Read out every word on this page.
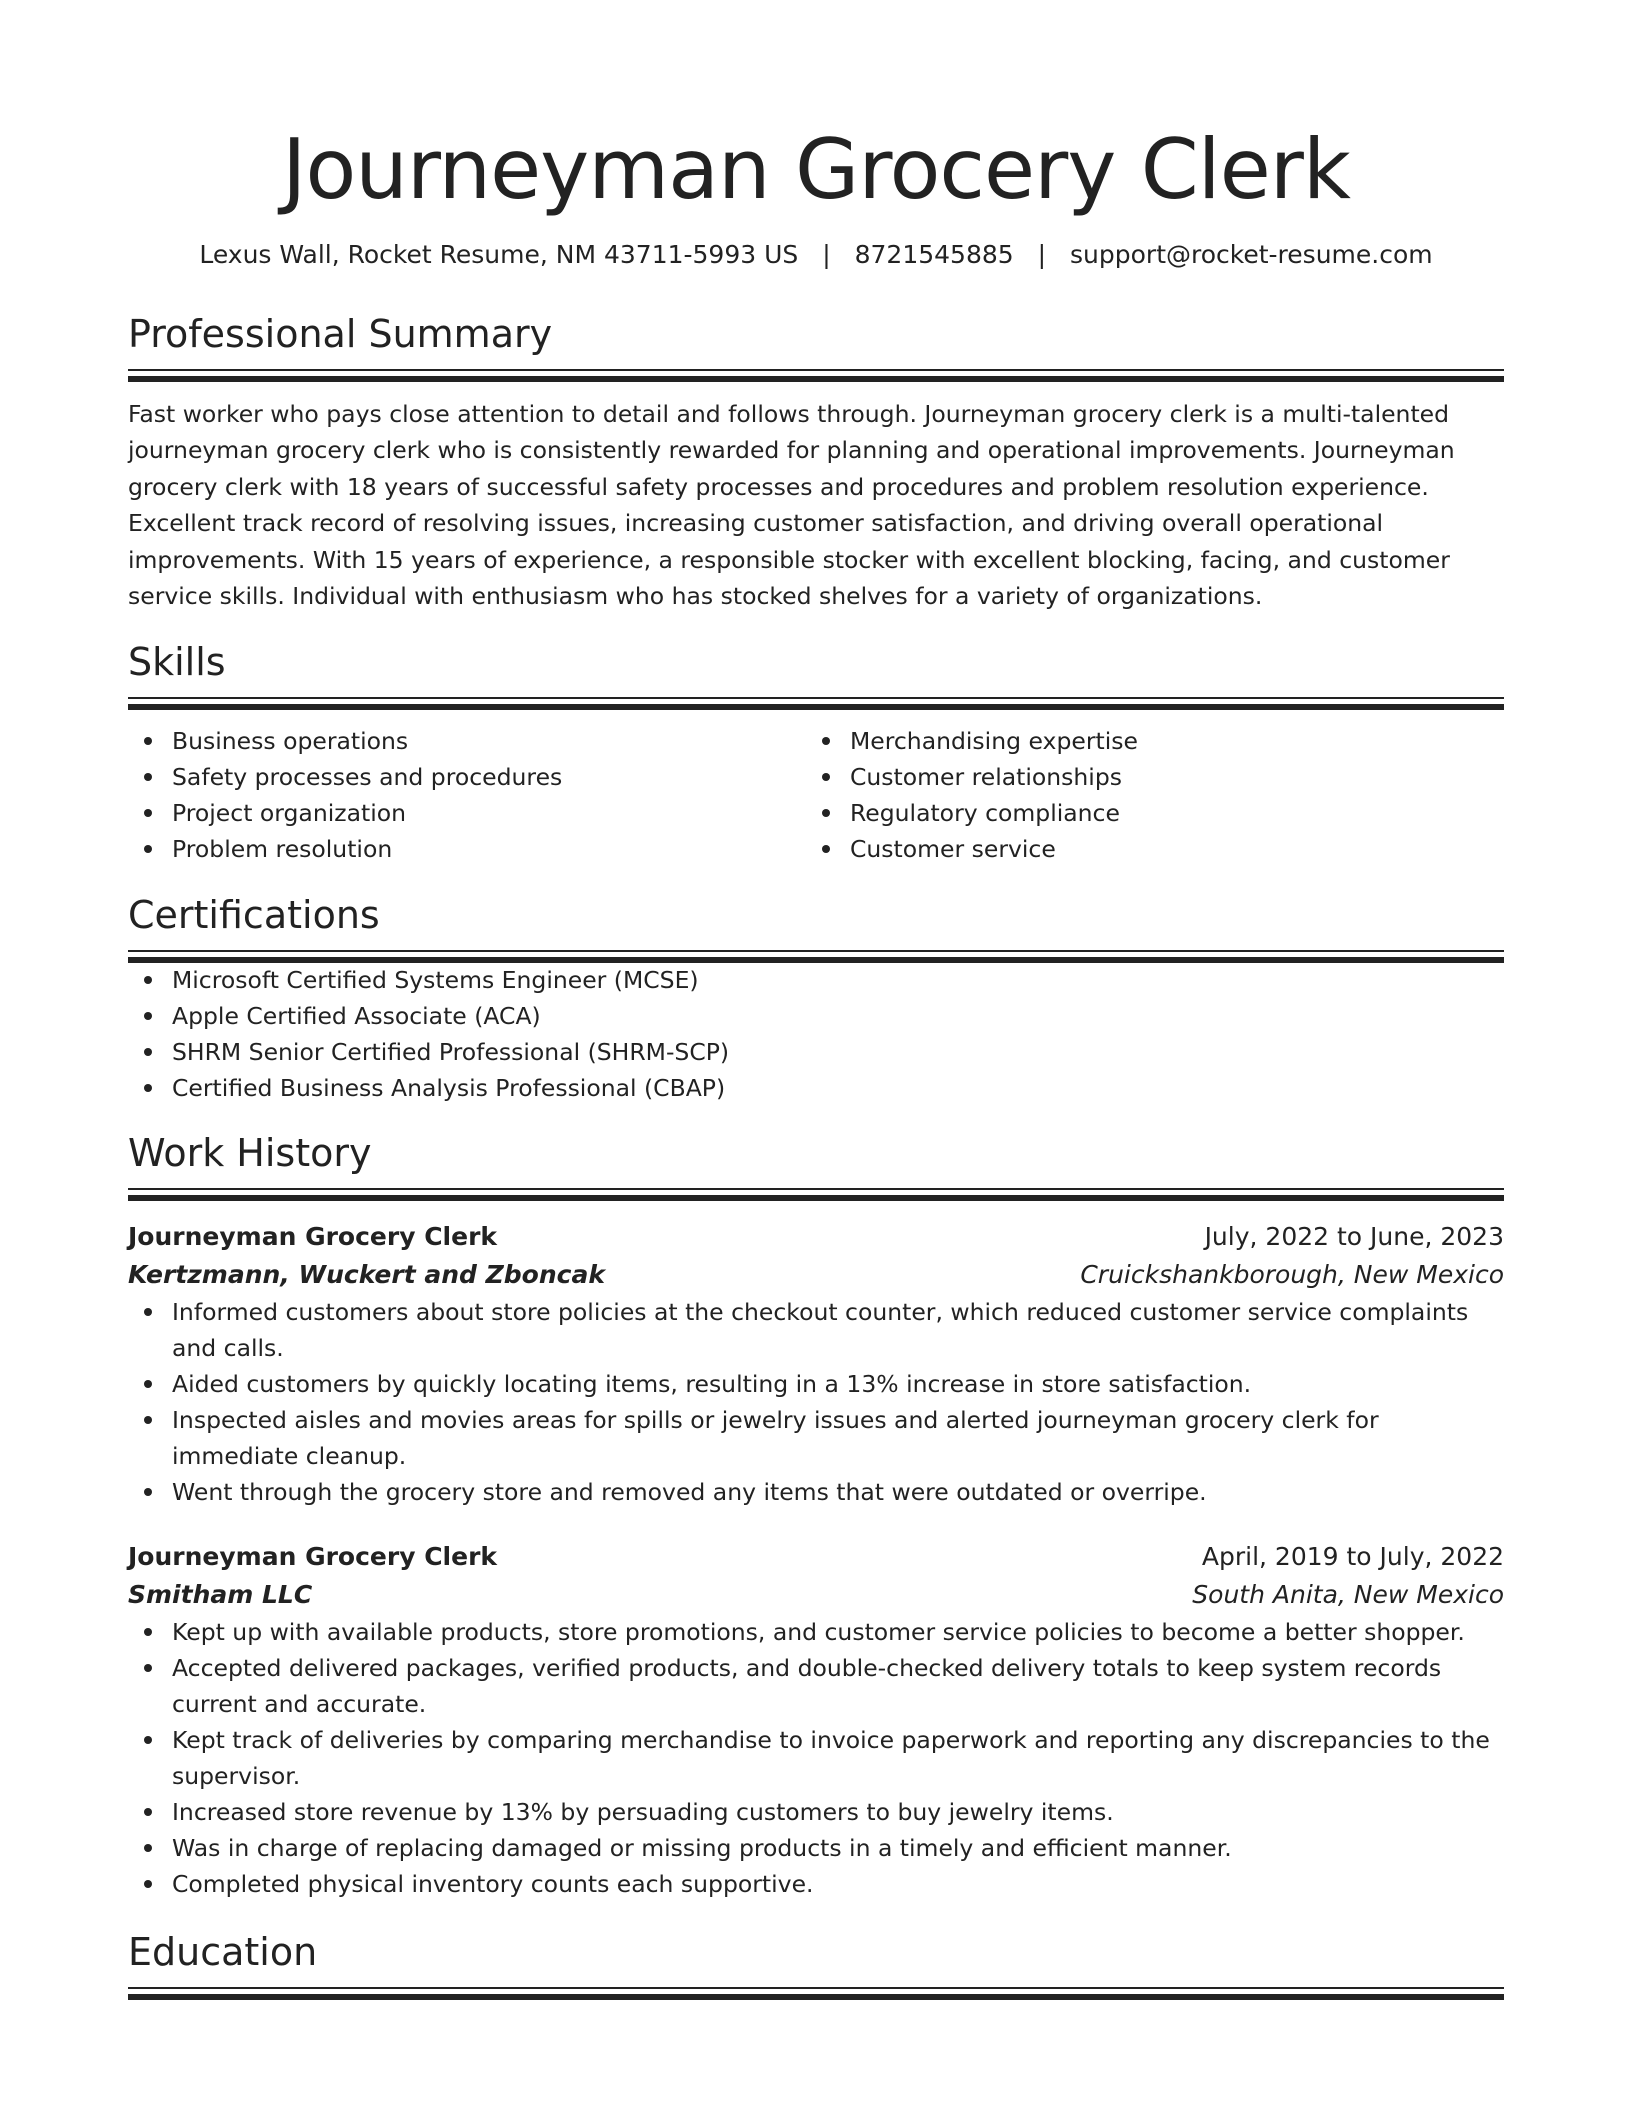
Journeyman Grocery Clerk
Lexus Wall, Rocket Resume, NM 43711-5993 US | 8721545885 | support@rocket-resume.com
Professional Summary

Fast worker who pays close attention to detail and follows through. Journeyman grocery clerk is a multi-talented journeyman grocery clerk who is consistently rewarded for planning and operational improvements. Journeyman grocery clerk with 18 years of successful safety processes and procedures and problem resolution experience. Excellent track record of resolving issues, increasing customer satisfaction, and driving overall operational improvements. With 15 years of experience, a responsible stocker with excellent blocking, facing, and customer service skills. Individual with enthusiasm who has stocked shelves for a variety of organizations.

Skills
Business operations
Safety processes and procedures
Project organization
Problem resolution
Merchandising expertise
Customer relationships
Regulatory compliance
Customer service
Certifications
Microsoft Certified Systems Engineer (MCSE)
Apple Certified Associate (ACA)
SHRM Senior Certified Professional (SHRM-SCP)
Certified Business Analysis Professional (CBAP)
Work History
Journeyman Grocery Clerk	July, 2022 to June, 2023
Kertzmann, Wuckert and Zboncak	Cruickshankborough, New Mexico
Informed customers about store policies at the checkout counter, which reduced customer service complaints and calls.
Aided customers by quickly locating items, resulting in a 13% increase in store satisfaction.
Inspected aisles and movies areas for spills or jewelry issues and alerted journeyman grocery clerk for immediate cleanup.
Went through the grocery store and removed any items that were outdated or overripe.
Journeyman Grocery Clerk	April, 2019 to July, 2022
Smitham LLC	South Anita, New Mexico
Kept up with available products, store promotions, and customer service policies to become a better shopper.
Accepted delivered packages, verified products, and double-checked delivery totals to keep system records current and accurate.
Kept track of deliveries by comparing merchandise to invoice paperwork and reporting any discrepancies to the supervisor.
Increased store revenue by 13% by persuading customers to buy jewelry items.
Was in charge of replacing damaged or missing products in a timely and efficient manner.
Completed physical inventory counts each supportive.
Education
